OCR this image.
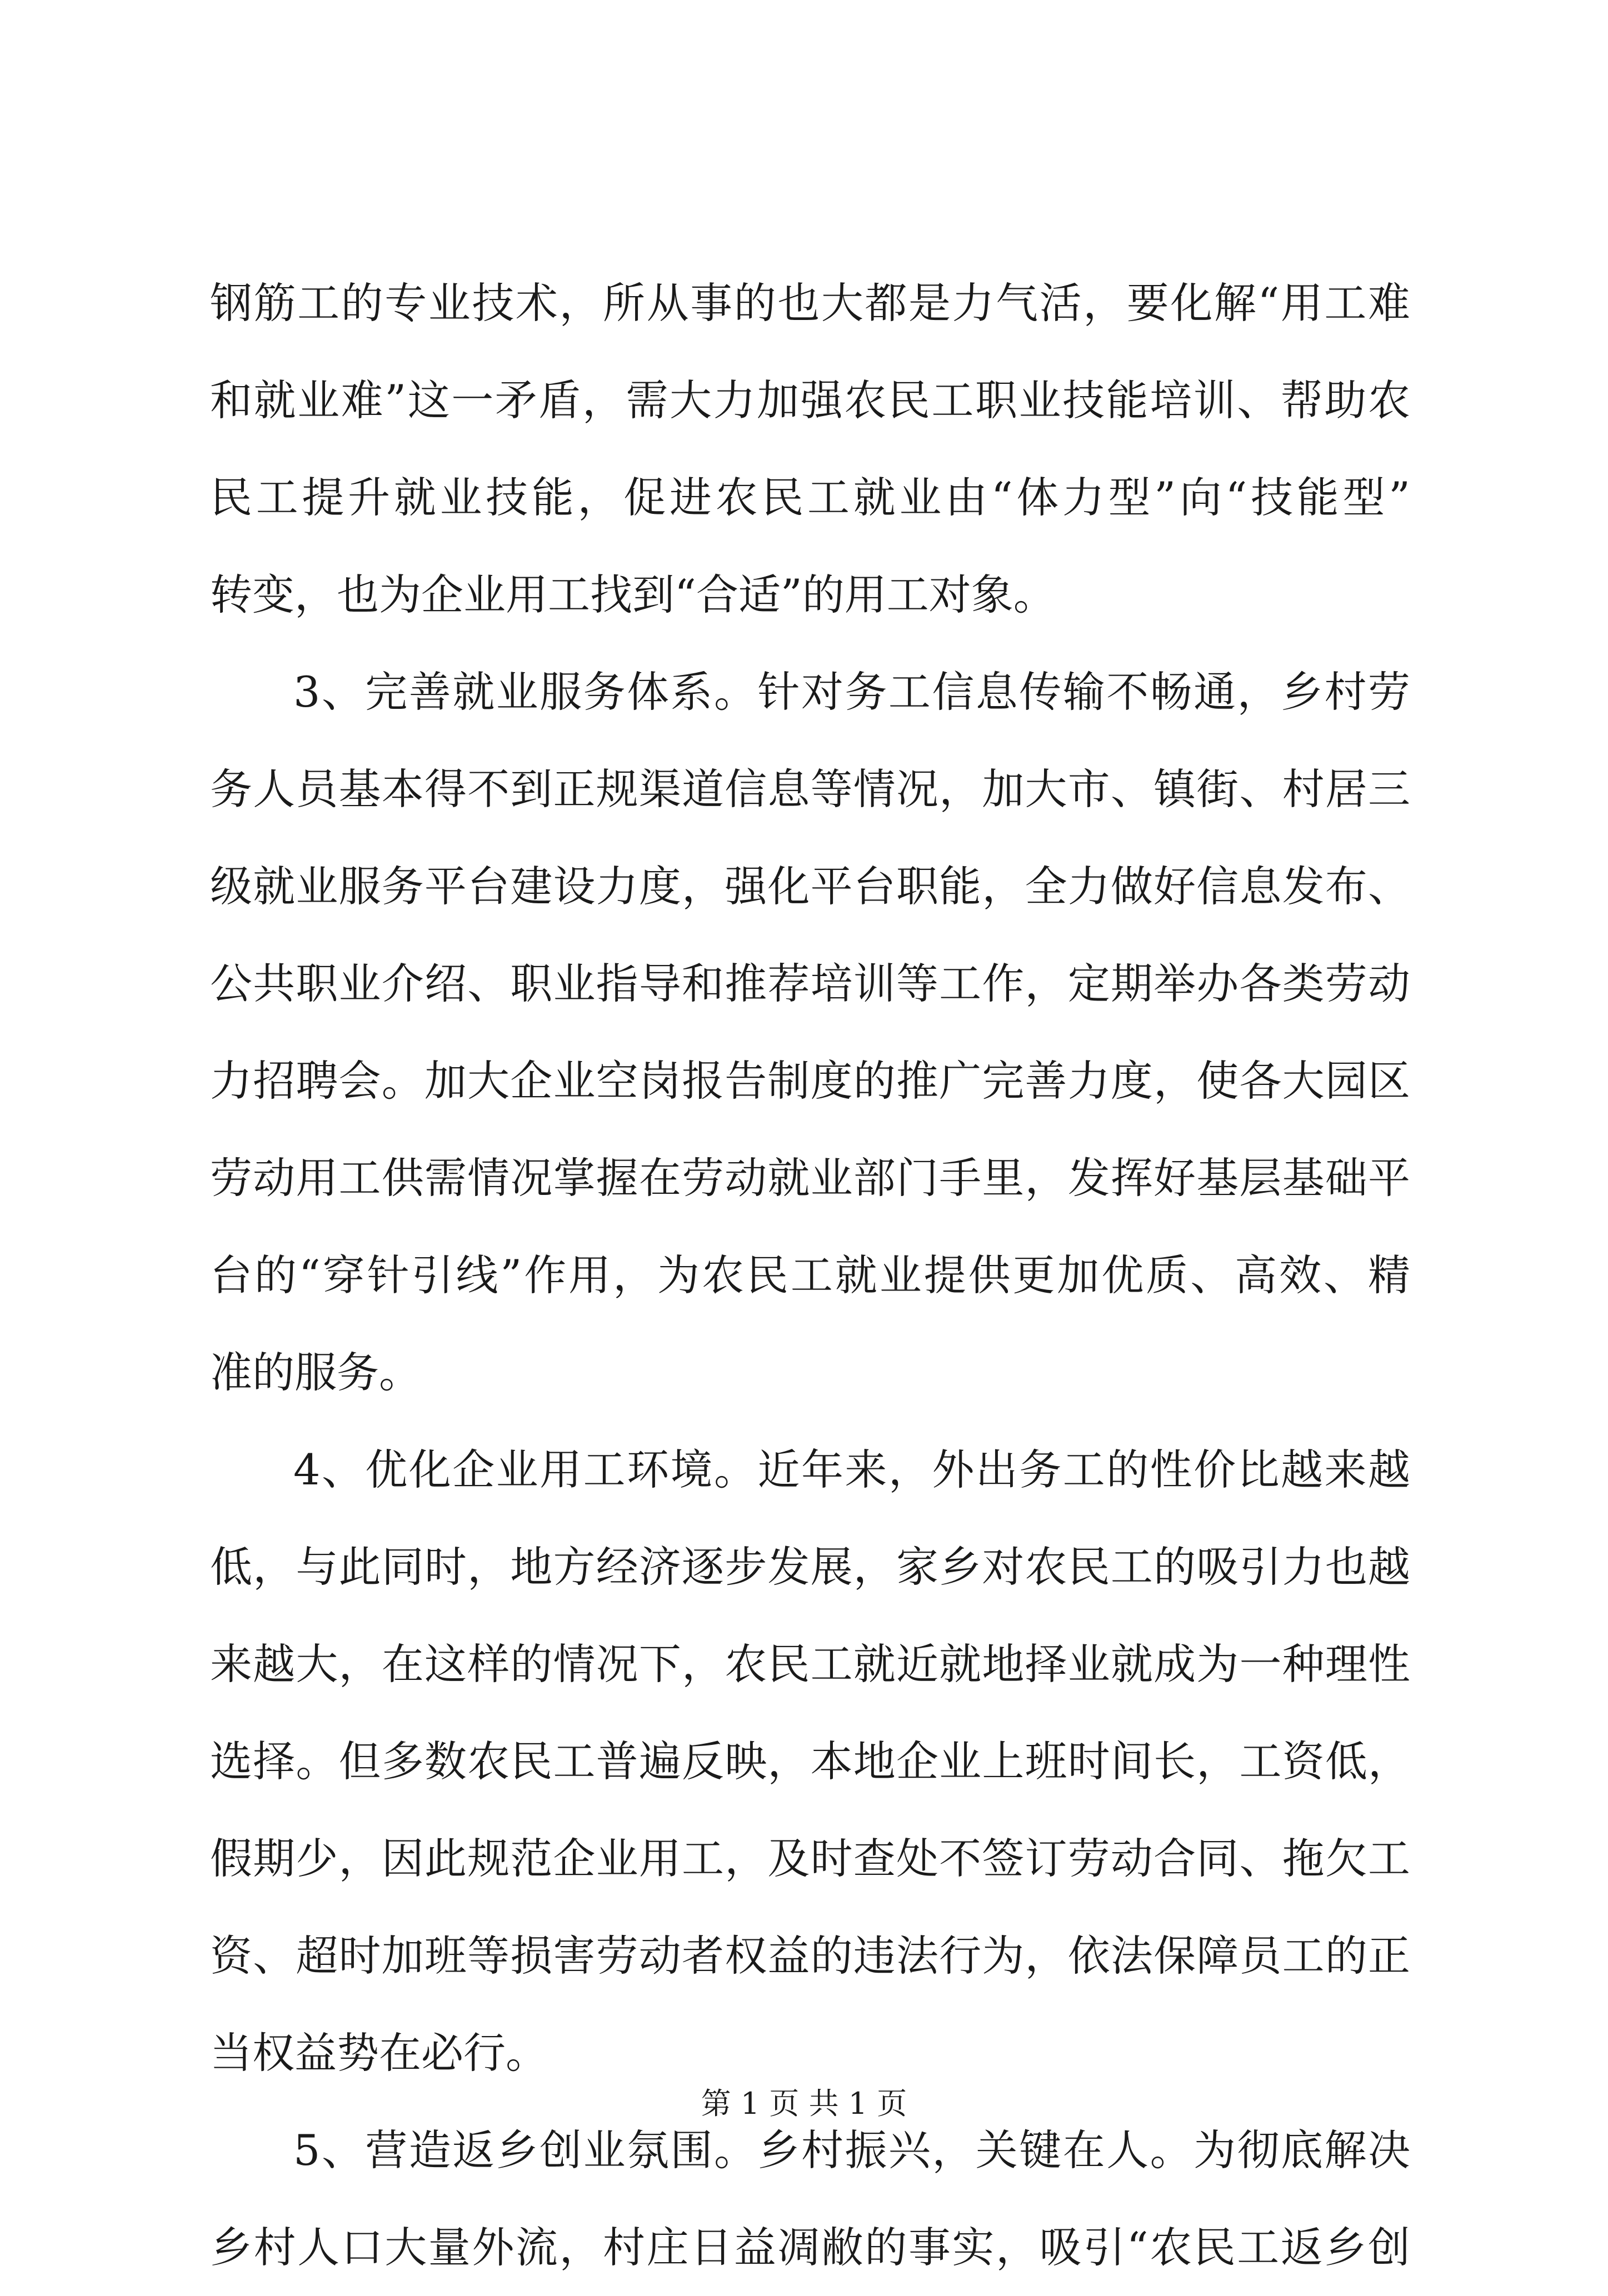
钢筋工的专业技术，所从事的也大都是力气活，要化解“用工难
和就业难”这一矛盾，需大力加强农民工职业技能培训、帮助农
民工提升就业技能，促进农民工就业由“体力型”向“技能型”
转变，也为企业用工找到“合适”的用工对象。
3、完善就业服务体系。针对务工信息传输不畅通，乡村劳
务人员基本得不到正规渠道信息等情况，加大市、镇街、村居三
级就业服务平台建设力度，强化平台职能，全力做好信息发布、
公共职业介绍、职业指导和推荐培训等工作，定期举办各类劳动
力招聘会。加大企业空岗报告制度的推广完善力度，使各大园区
劳动用工供需情况掌握在劳动就业部门手里，发挥好基层基础平
台的“穿针引线”作用，为农民工就业提供更加优质、高效、精
准的服务。
4、优化企业用工环境。近年来，外出务工的性价比越来越
低，与此同时，地方经济逐步发展，家乡对农民工的吸引力也越
来越大，在这样的情况下，农民工就近就地择业就成为一种理性
选择。但多数农民工普遍反映，本地企业上班时间长，工资低，
假期少，因此规范企业用工，及时查处不签订劳动合同、拖欠工
资、超时加班等损害劳动者权益的违法行为，依法保障员工的正
当权益势在必行。
5、营造返乡创业氛围。乡村振兴，关键在人。为彻底解决
乡村人口大量外流，村庄日益凋敝的事实，吸引“农民工返乡创
第 1 页 共 1 页
